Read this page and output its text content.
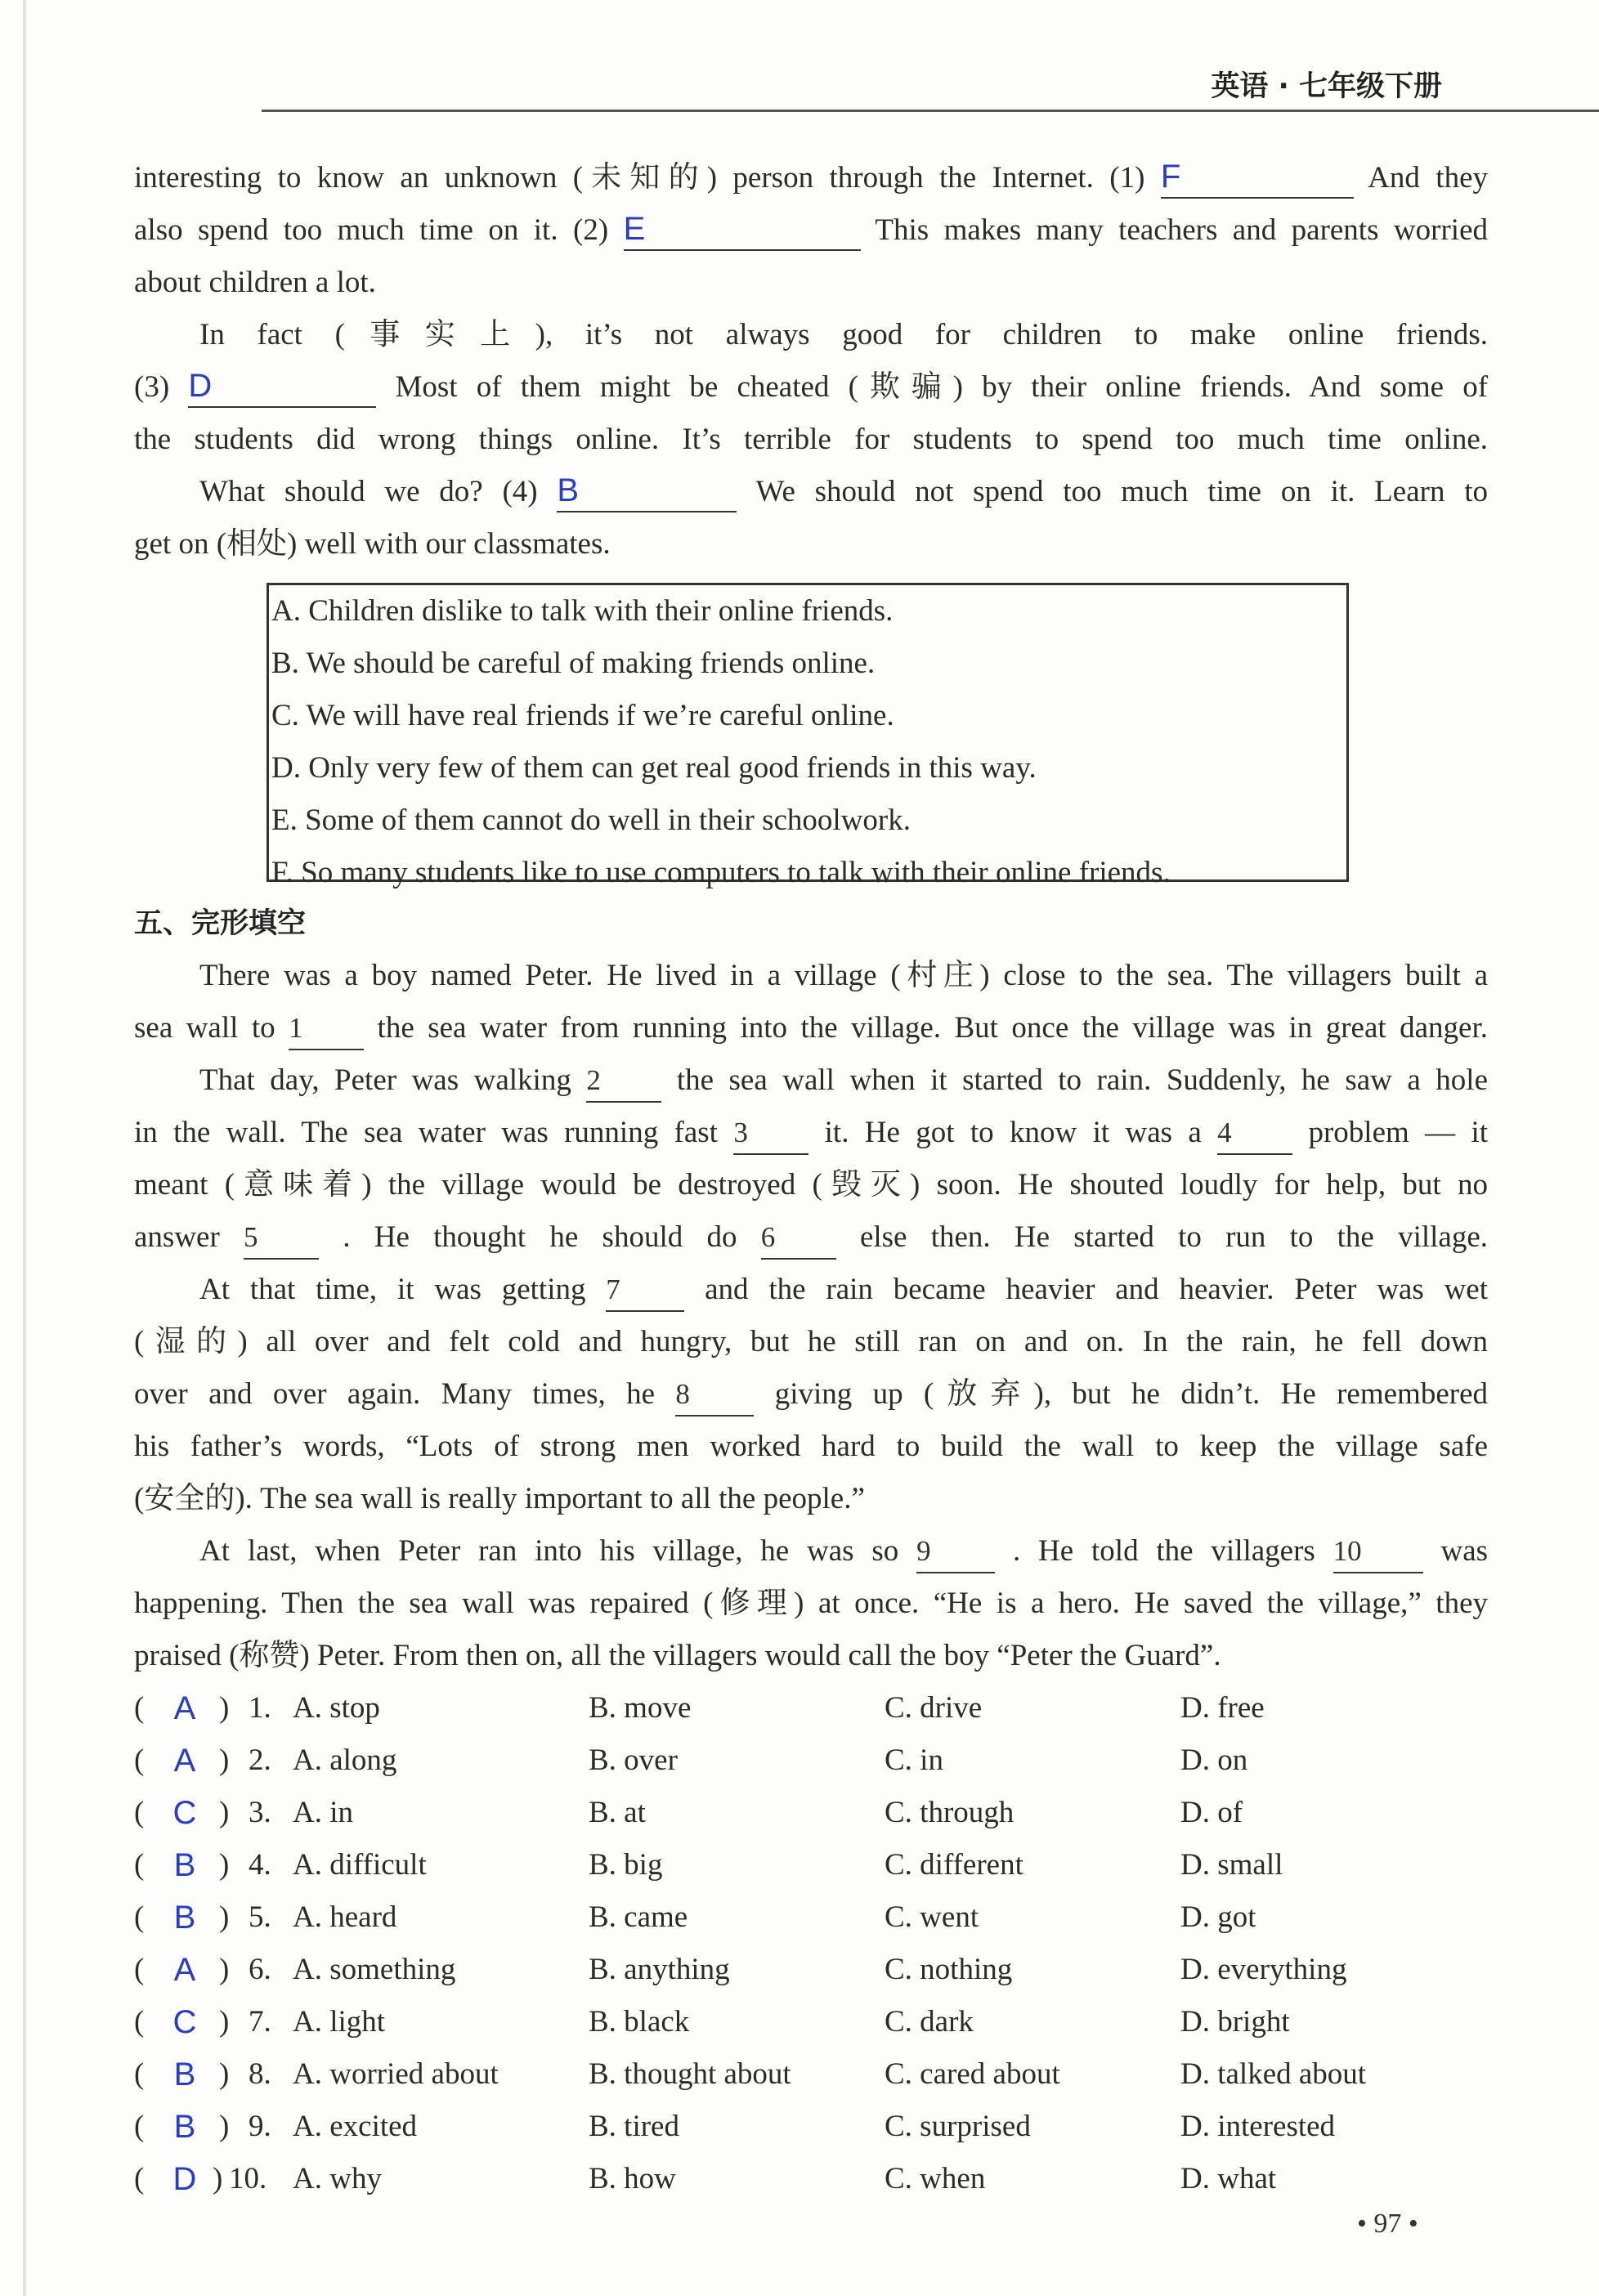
英语 · 七年级下册
interesting to know an unknown (未知的) person through the Internet. (1) F	And they
also spend too much time on it. (2) E	This makes many teachers and parents worried
about children a lot.
In fact (事实上), it’s not always good for children to make online friends.
(3) D	Most of them might be cheated (欺骗) by their online friends. And some of
the students did wrong things online. It’s terrible for students to spend too much time online.
What should we do? (4) B	We should not spend too much time on it. Learn to
get on (相处) well with our classmates.
A. Children dislike to talk with their online friends.
B. We should be careful of making friends online.
C. We will have real friends if we’re careful online.
D. Only very few of them can get real good friends in this way.
E. Some of them cannot do well in their schoolwork.
F. So many students like to use computers to talk with their online friends.
五、完形填空
There was a boy named Peter. He lived in a village (村庄) close to the sea. The villagers built a
sea wall to 1 the sea water from running into the village. But once the village was in great danger.
That day, Peter was walking 2	the sea wall when it started to rain. Suddenly, he saw a hole
in the wall. The sea water was running fast 3	it. He got to know it was a 4	problem — it
meant (意味着) the village would be destroyed (毁灭) soon. He shouted loudly for help, but no
answer 5	. He thought he should do 6	else then. He started to run to the village.
At that time, it was getting 7	and the rain became heavier and heavier. Peter was wet
(湿的) all over and felt cold and hungry, but he still ran on and on. In the rain, he fell down
over and over again. Many times, he 8	giving up (放弃), but he didn’t. He remembered
his father’s words, “Lots of strong men worked hard to build the wall to keep the village safe
(安全的). The sea wall is really important to all the people.”
At last, when Peter ran into his village, he was so 9	. He told the villagers 10	was
happening. Then the sea wall was repaired (修理) at once. “He is a hero. He saved the village,” they
praised (称赞) Peter. From then on, all the villagers would call the boy “Peter the Guard”.
( A ) 1. A. stop	B. move	C. drive	D. free
( A ) 2. A. along	B. over	C. in	D. on
( C ) 3. A. in	B. at	C. through	D. of
( B ) 4. A. difficult	B. big	C. different	D. small
( B ) 5. A. heard	B. came	C. went	D. got
( A ) 6. A. something	B. anything	C. nothing	D. everything
( C ) 7. A. light	B. black	C. dark	D. bright
( B ) 8. A. worried about	B. thought about	C. cared about	D. talked about
( B ) 9. A. excited	B. tired	C. surprised	D. interested
( D ) 10. A. why	B. how	C. when	D. what
• 97 •
